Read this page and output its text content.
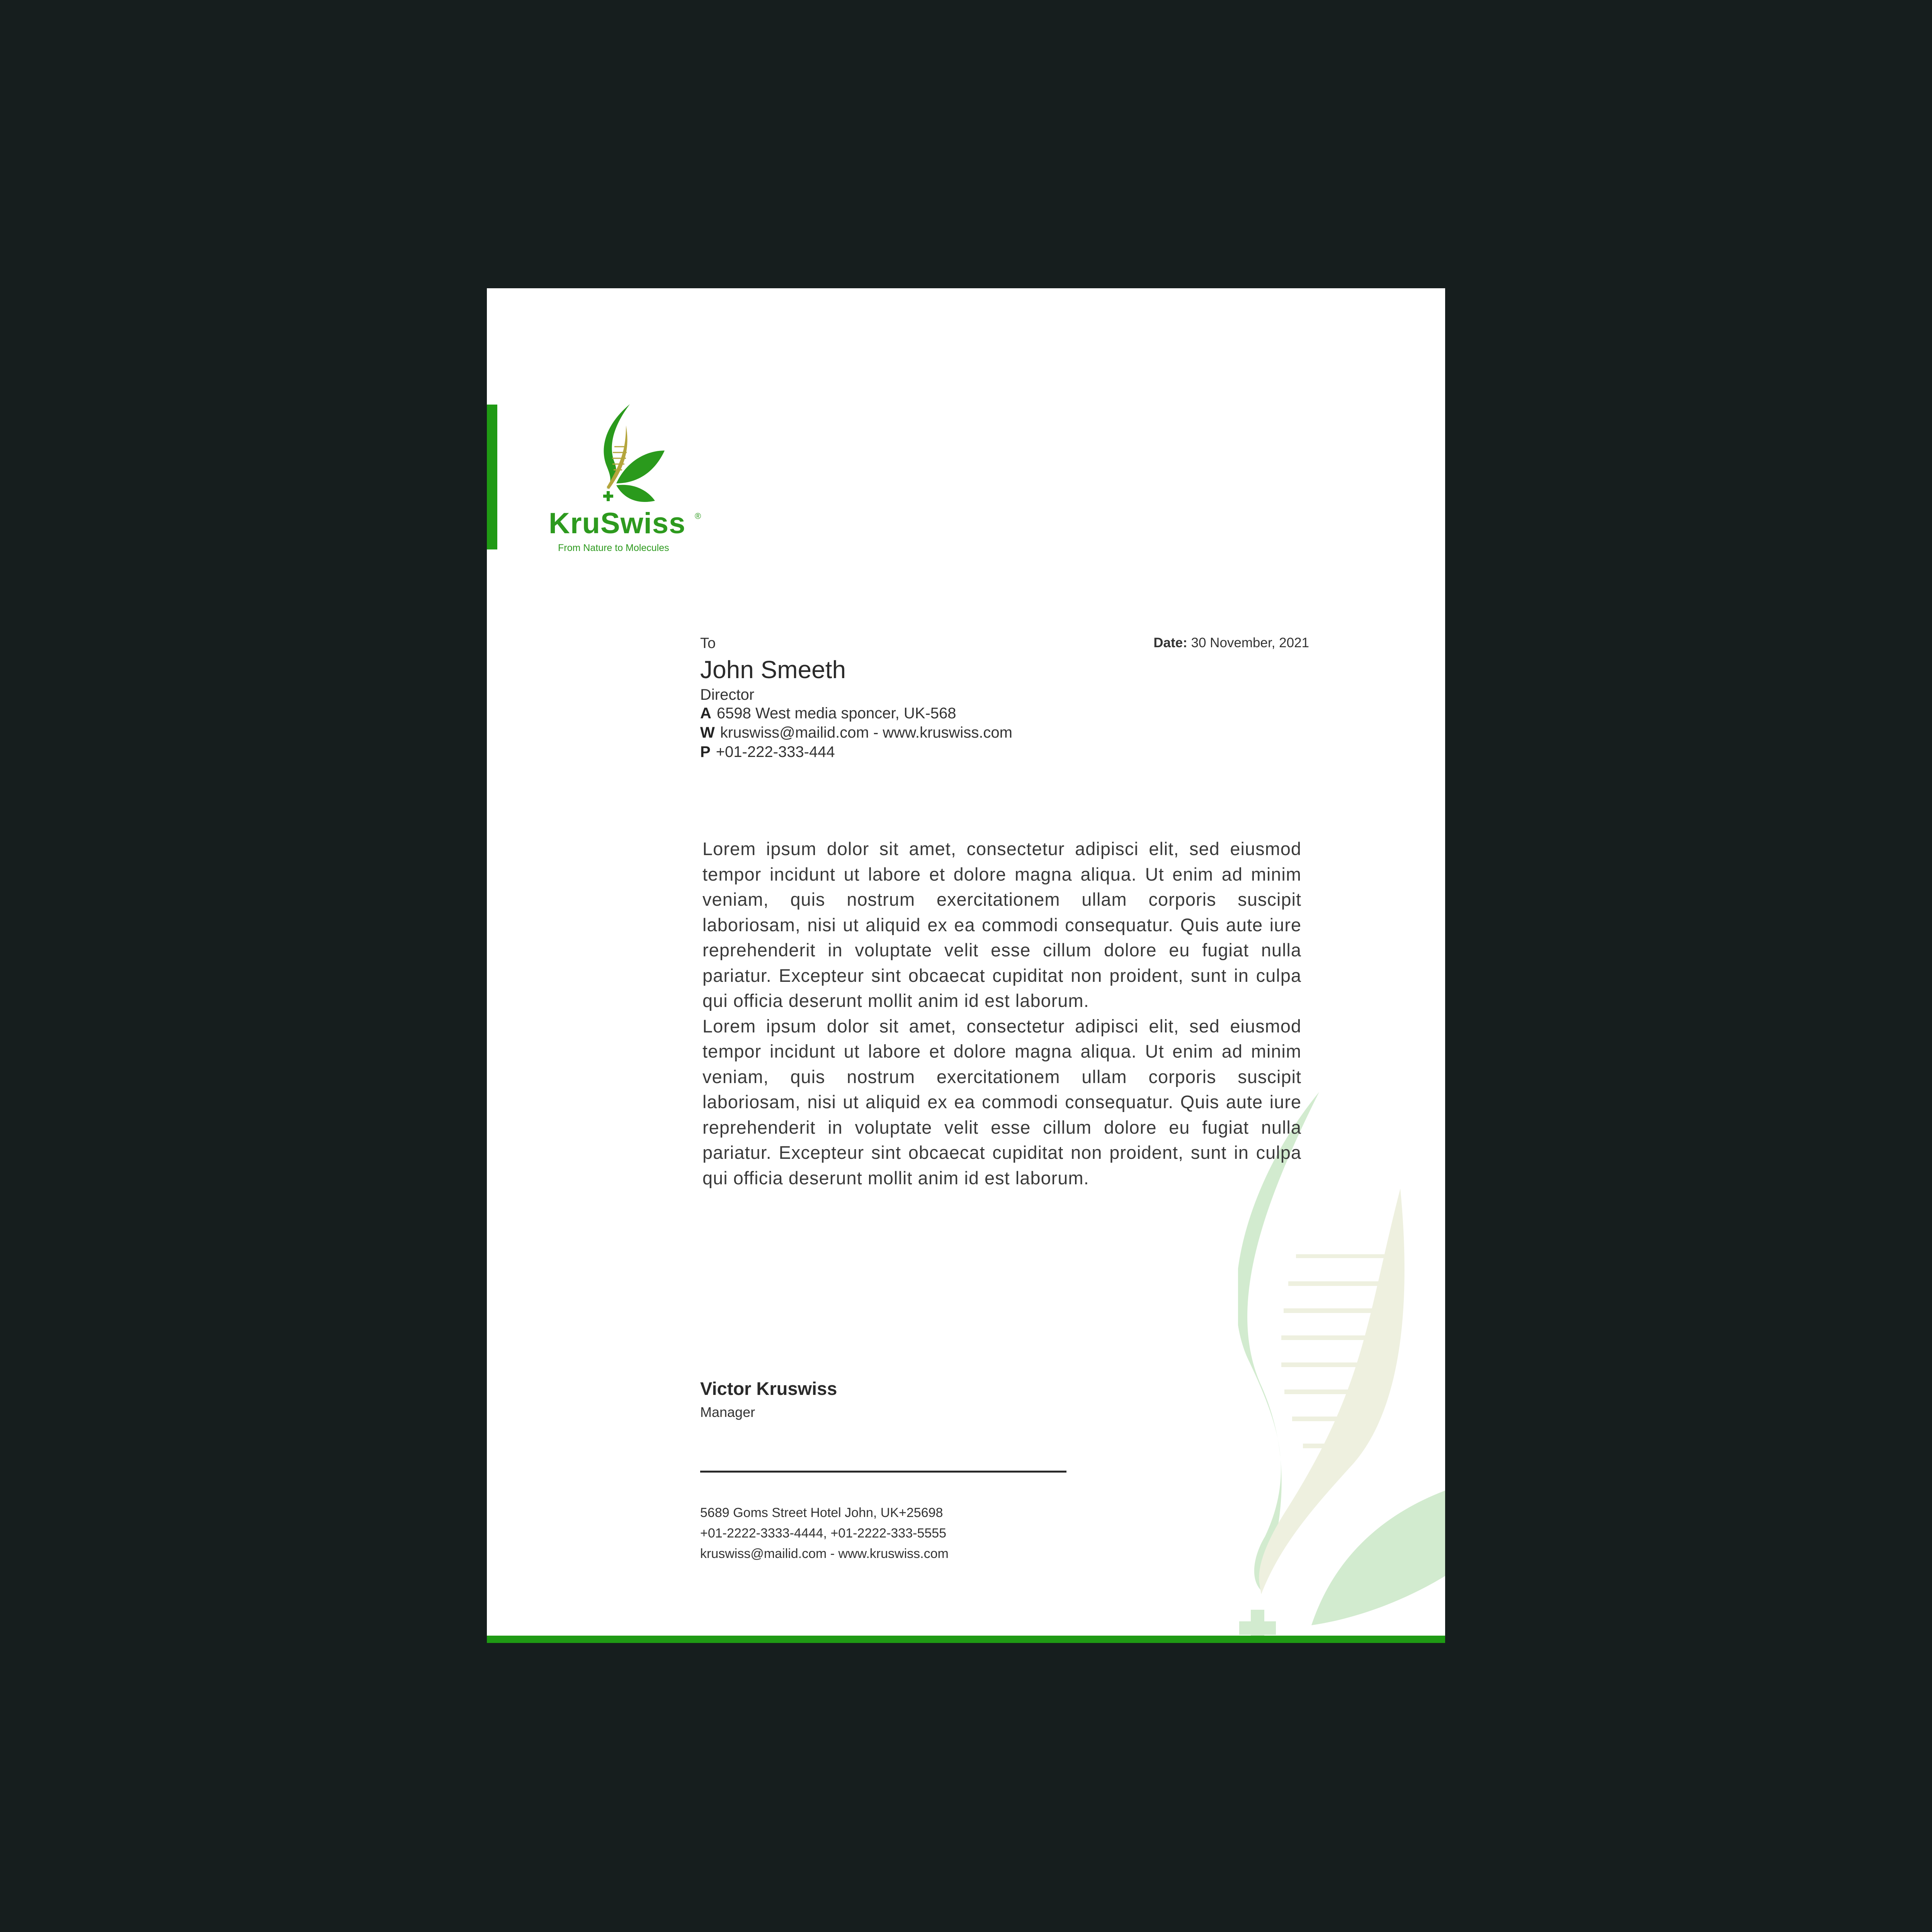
KruSwiss ®
From Nature to Molecules
To	Date: 30 November, 2021
John Smeeth
Director
A 6598 West media sponcer, UK-568
W kruswiss@mailid.com - www.kruswiss.com
P +01-222-333-444

Lorem ipsum dolor sit amet, consectetur adipisci elit, sed eiusmod tempor incidunt ut labore et dolore magna aliqua. Ut enim ad minim veniam, quis nostrum exercitationem ullam corporis suscipit laboriosam, nisi ut aliquid ex ea commodi consequatur. Quis aute iure reprehenderit in voluptate velit esse cillum dolore eu fugiat nulla pariatur. Excepteur sint obcaecat cupiditat non proident, sunt in culpa qui officia deserunt mollit anim id est laborum.

Lorem ipsum dolor sit amet, consectetur adipisci elit, sed eiusmod tempor incidunt ut labore et dolore magna aliqua. Ut enim ad minim veniam, quis nostrum exercitationem ullam corporis suscipit laboriosam, nisi ut aliquid ex ea commodi consequatur. Quis aute iure reprehenderit in voluptate velit esse cillum dolore eu fugiat nulla pariatur. Excepteur sint obcaecat cupiditat non proident, sunt in culpa qui officia deserunt mollit anim id est laborum.

Victor Kruswiss
Manager
5689 Goms Street Hotel John, UK+25698
+01-2222-3333-4444, +01-2222-333-5555
kruswiss@mailid.com - www.kruswiss.com
